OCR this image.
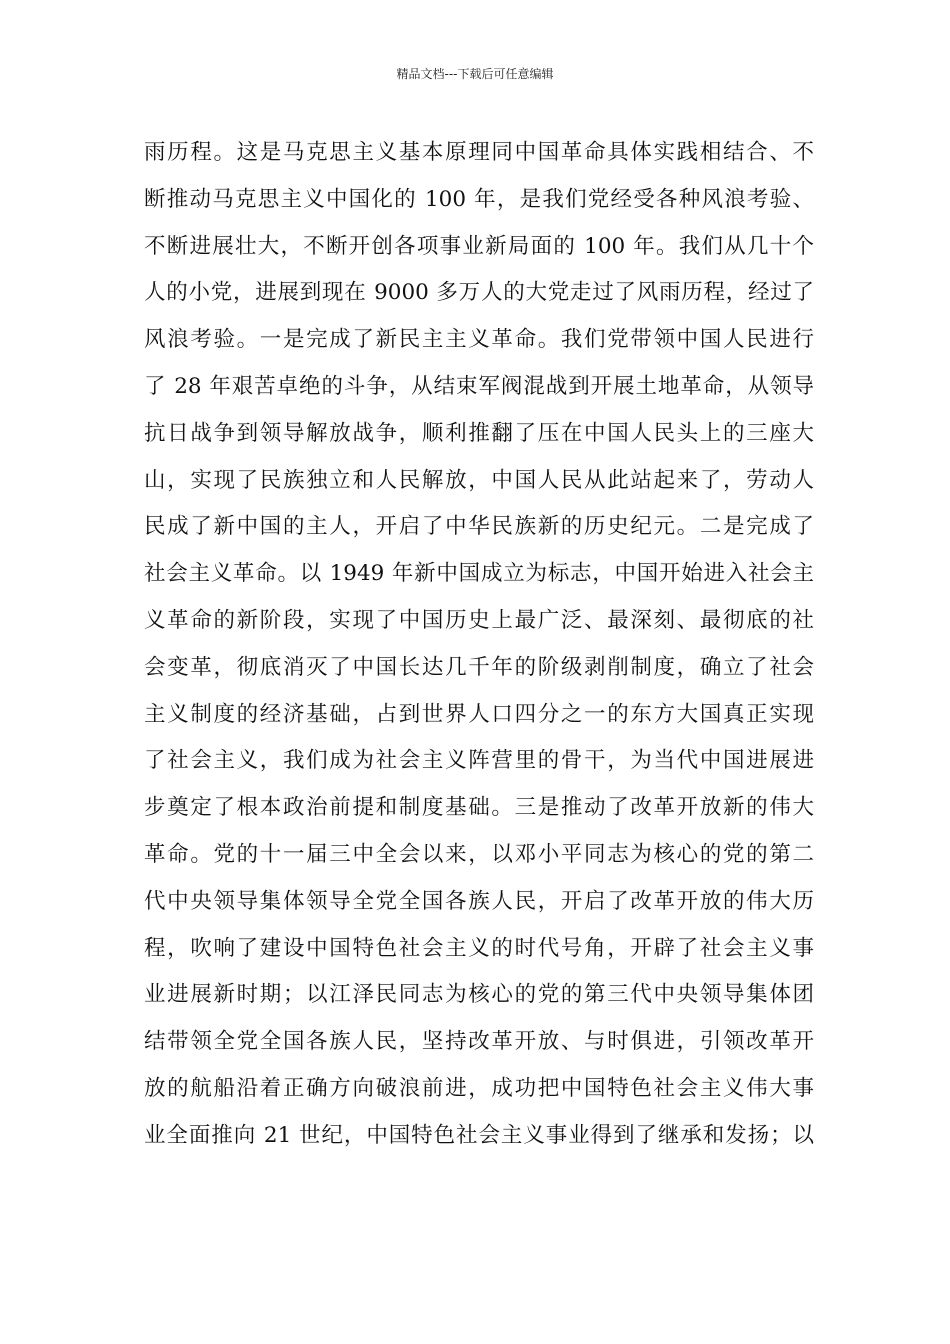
精品文档---下载后可任意编辑
雨历程。这是马克思主义基本原理同中国革命具体实践相结合、不
断推动马克思主义中国化的 100 年，是我们党经受各种风浪考验、
不断进展壮大，不断开创各项事业新局面的 100 年。我们从几十个
人的小党，进展到现在 9000 多万人的大党走过了风雨历程，经过了
风浪考验。一是完成了新民主主义革命。我们党带领中国人民进行
了 28 年艰苦卓绝的斗争，从结束军阀混战到开展土地革命，从领导
抗日战争到领导解放战争，顺利推翻了压在中国人民头上的三座大
山，实现了民族独立和人民解放，中国人民从此站起来了，劳动人
民成了新中国的主人，开启了中华民族新的历史纪元。二是完成了
社会主义革命。以 1949 年新中国成立为标志，中国开始进入社会主
义革命的新阶段，实现了中国历史上最广泛、最深刻、最彻底的社
会变革，彻底消灭了中国长达几千年的阶级剥削制度，确立了社会
主义制度的经济基础，占到世界人口四分之一的东方大国真正实现
了社会主义，我们成为社会主义阵营里的骨干，为当代中国进展进
步奠定了根本政治前提和制度基础。三是推动了改革开放新的伟大
革命。党的十一届三中全会以来，以邓小平同志为核心的党的第二
代中央领导集体领导全党全国各族人民，开启了改革开放的伟大历
程，吹响了建设中国特色社会主义的时代号角，开辟了社会主义事
业进展新时期；以江泽民同志为核心的党的第三代中央领导集体团
结带领全党全国各族人民，坚持改革开放、与时俱进，引领改革开
放的航船沿着正确方向破浪前进，成功把中国特色社会主义伟大事
业全面推向 21 世纪，中国特色社会主义事业得到了继承和发扬；以
